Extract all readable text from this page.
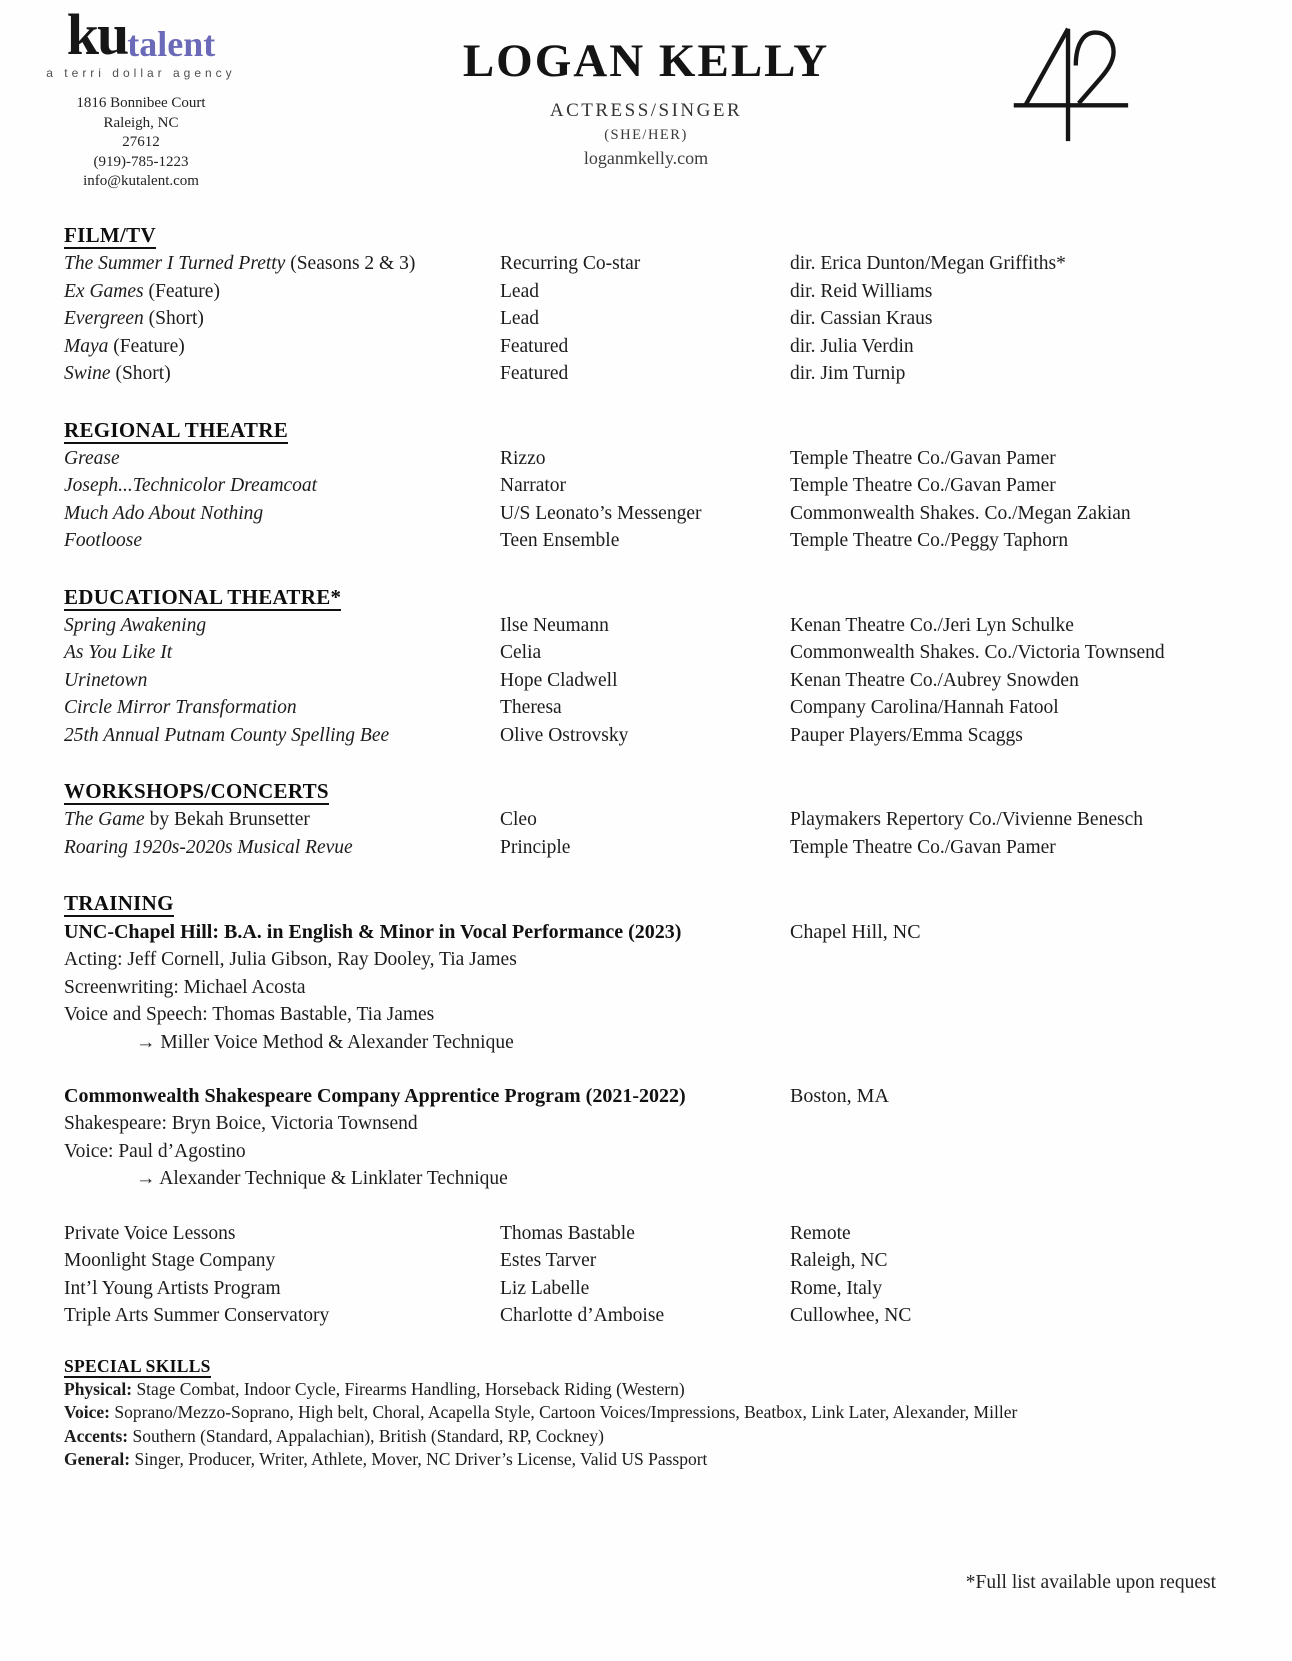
ku talent
a terri dollar agency
1816 Bonnibee Court
Raleigh, NC
27612
(919)-785-1223
info@kutalent.com
LOGAN KELLY
ACTRESS/SINGER
(SHE/HER)
loganmkelly.com
FILM/TV
The Summer I Turned Pretty (Seasons 2 & 3)	Recurring Co-star	dir. Erica Dunton/Megan Griffiths*
Ex Games (Feature)	Lead	dir. Reid Williams
Evergreen (Short)	Lead	dir. Cassian Kraus
Maya (Feature)	Featured	dir. Julia Verdin
Swine (Short)	Featured	dir. Jim Turnip
REGIONAL THEATRE
Grease	Rizzo	Temple Theatre Co./Gavan Pamer
Joseph...Technicolor Dreamcoat	Narrator	Temple Theatre Co./Gavan Pamer
Much Ado About Nothing	U/S Leonato’s Messenger	Commonwealth Shakes. Co./Megan Zakian
Footloose	Teen Ensemble	Temple Theatre Co./Peggy Taphorn
EDUCATIONAL THEATRE*
Spring Awakening	Ilse Neumann	Kenan Theatre Co./Jeri Lyn Schulke
As You Like It	Celia	Commonwealth Shakes. Co./Victoria Townsend
Urinetown	Hope Cladwell	Kenan Theatre Co./Aubrey Snowden
Circle Mirror Transformation	Theresa	Company Carolina/Hannah Fatool
25th Annual Putnam County Spelling Bee	Olive Ostrovsky	Pauper Players/Emma Scaggs
WORKSHOPS/CONCERTS
The Game by Bekah Brunsetter	Cleo	Playmakers Repertory Co./Vivienne Benesch
Roaring 1920s-2020s Musical Revue	Principle	Temple Theatre Co./Gavan Pamer
TRAINING
UNC-Chapel Hill: B.A. in English & Minor in Vocal Performance (2023)	Chapel Hill, NC
Acting: Jeff Cornell, Julia Gibson, Ray Dooley, Tia James
Screenwriting: Michael Acosta
Voice and Speech: Thomas Bastable, Tia James
→ Miller Voice Method & Alexander Technique
Commonwealth Shakespeare Company Apprentice Program (2021-2022)	Boston, MA
Shakespeare: Bryn Boice, Victoria Townsend
Voice: Paul d’Agostino
→ Alexander Technique & Linklater Technique
Private Voice Lessons	Thomas Bastable	Remote
Moonlight Stage Company	Estes Tarver	Raleigh, NC
Int’l Young Artists Program	Liz Labelle	Rome, Italy
Triple Arts Summer Conservatory	Charlotte d’Amboise	Cullowhee, NC
SPECIAL SKILLS
Physical: Stage Combat, Indoor Cycle, Firearms Handling, Horseback Riding (Western)
Voice: Soprano/Mezzo-Soprano, High belt, Choral, Acapella Style, Cartoon Voices/Impressions, Beatbox, Link Later, Alexander, Miller
Accents: Southern (Standard, Appalachian), British (Standard, RP, Cockney)
General: Singer, Producer, Writer, Athlete, Mover, NC Driver’s License, Valid US Passport
*Full list available upon request
